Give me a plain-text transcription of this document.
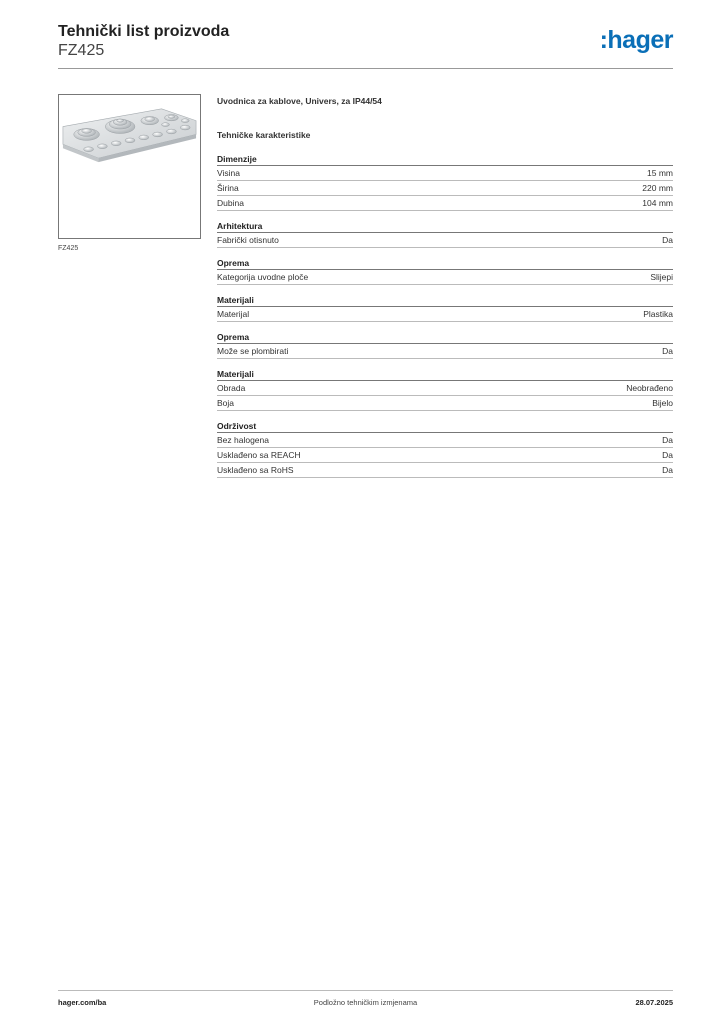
Tehnički list proizvoda
FZ425	:hager
FZ425
Uvodnica za kablove, Univers, za IP44/54
Tehničke karakteristike
Dimenzije
Visina	15 mm
Širina	220 mm
Dubina	104 mm
Arhitektura
Fabrički otisnuto	Da
Oprema
Kategorija uvodne ploče	Slijepi
Materijali
Materijal	Plastika
Oprema
Može se plombirati	Da
Materijali
Obrada	Neobrađeno
Boja	Bijelo
Održivost
Bez halogena	Da
Usklađeno sa REACH	Da
Usklađeno sa RoHS	Da
hager.com/ba	Podložno tehničkim izmjenama	28.07.2025
